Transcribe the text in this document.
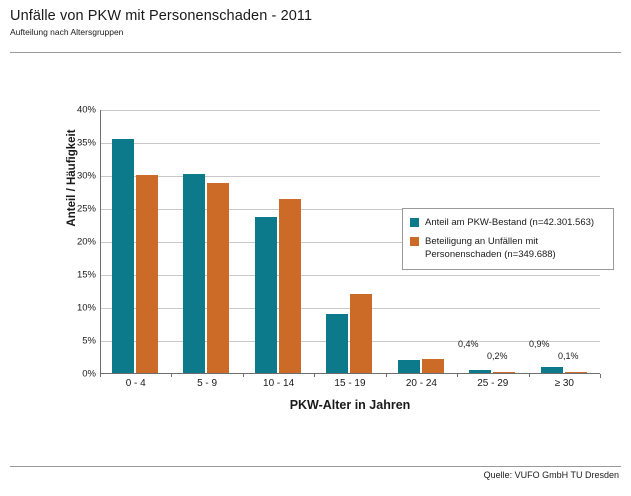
Unfälle von PKW mit Personenschaden - 2011
Aufteilung nach Altersgruppen
0%
5%
10%
15%
20%
25%
30%
35%
40%
Anteil / Häufigkeit
0,4%
0,2%
0,9%
0,1%
0 - 4	5 - 9	10 - 14	15 - 19	20 - 24	25 - 29	≥ 30
PKW-Alter in Jahren
Anteil am PKW-Bestand (n=42.301.563)
Beteiligung an Unfällen mit Personenschaden (n=349.688)
Quelle: VUFO GmbH TU Dresden
